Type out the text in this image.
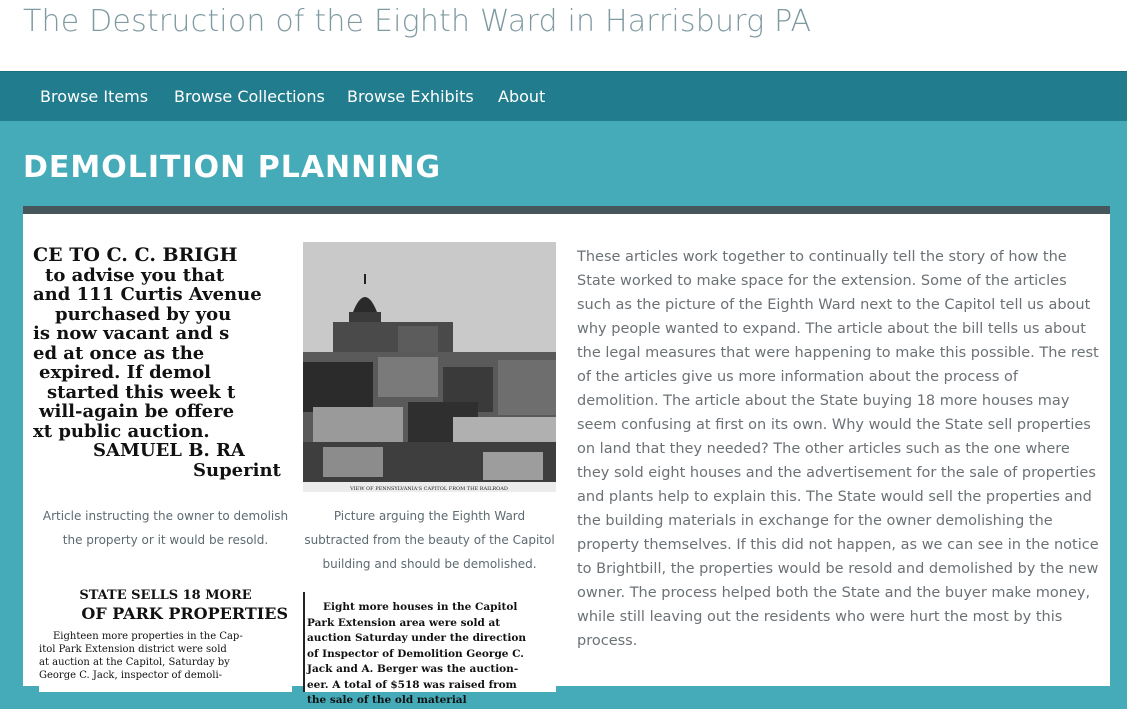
The Destruction of the Eighth Ward in Harrisburg PA
Browse Items Browse Collections Browse Exhibits About
DEMOLITION PLANNING
CE TO C. C. BRIGH
to advise you that
and 111 Curtis Avenue
purchased by you
is now vacant and s
ed at once as the
expired. If demol
started this week t
will-again be offere
xt public auction.
SAMUEL B. RA
Superint
Article instructing the owner to demolish the property or it would be resold.
VIEW OF PENNSYLVANIA'S CAPITOL FROM THE RAILROAD
Picture arguing the Eighth Ward subtracted from the beauty of the Capitol building and should be demolished.
STATE SELLS 18 MORE
OF PARK PROPERTIES
Eighteen more properties in the Cap-
itol Park Extension district were sold
at auction at the Capitol, Saturday by
George C. Jack, inspector of demoli-
Eight more houses in the Capitol
Park Extension area were sold at
auction Saturday under the direction
of Inspector of Demolition George C.
Jack and A. Berger was the auction-
eer. A total of $518 was raised from
the sale of the old material

These articles work together to continually tell the story of how the State worked to make space for the extension. Some of the articles such as the picture of the Eighth Ward next to the Capitol tell us about why people wanted to expand. The article about the bill tells us about the legal measures that were happening to make this possible. The rest of the articles give us more information about the process of demolition. The article about the State buying 18 more houses may seem confusing at first on its own. Why would the State sell properties on land that they needed? The other articles such as the one where they sold eight houses and the advertisement for the sale of properties and plants help to explain this. The State would sell the properties and the building materials in exchange for the owner demolishing the property themselves. If this did not happen, as we can see in the notice to Brightbill, the properties would be resold and demolished by the new owner. The process helped both the State and the buyer make money, while still leaving out the residents who were hurt the most by this process.
